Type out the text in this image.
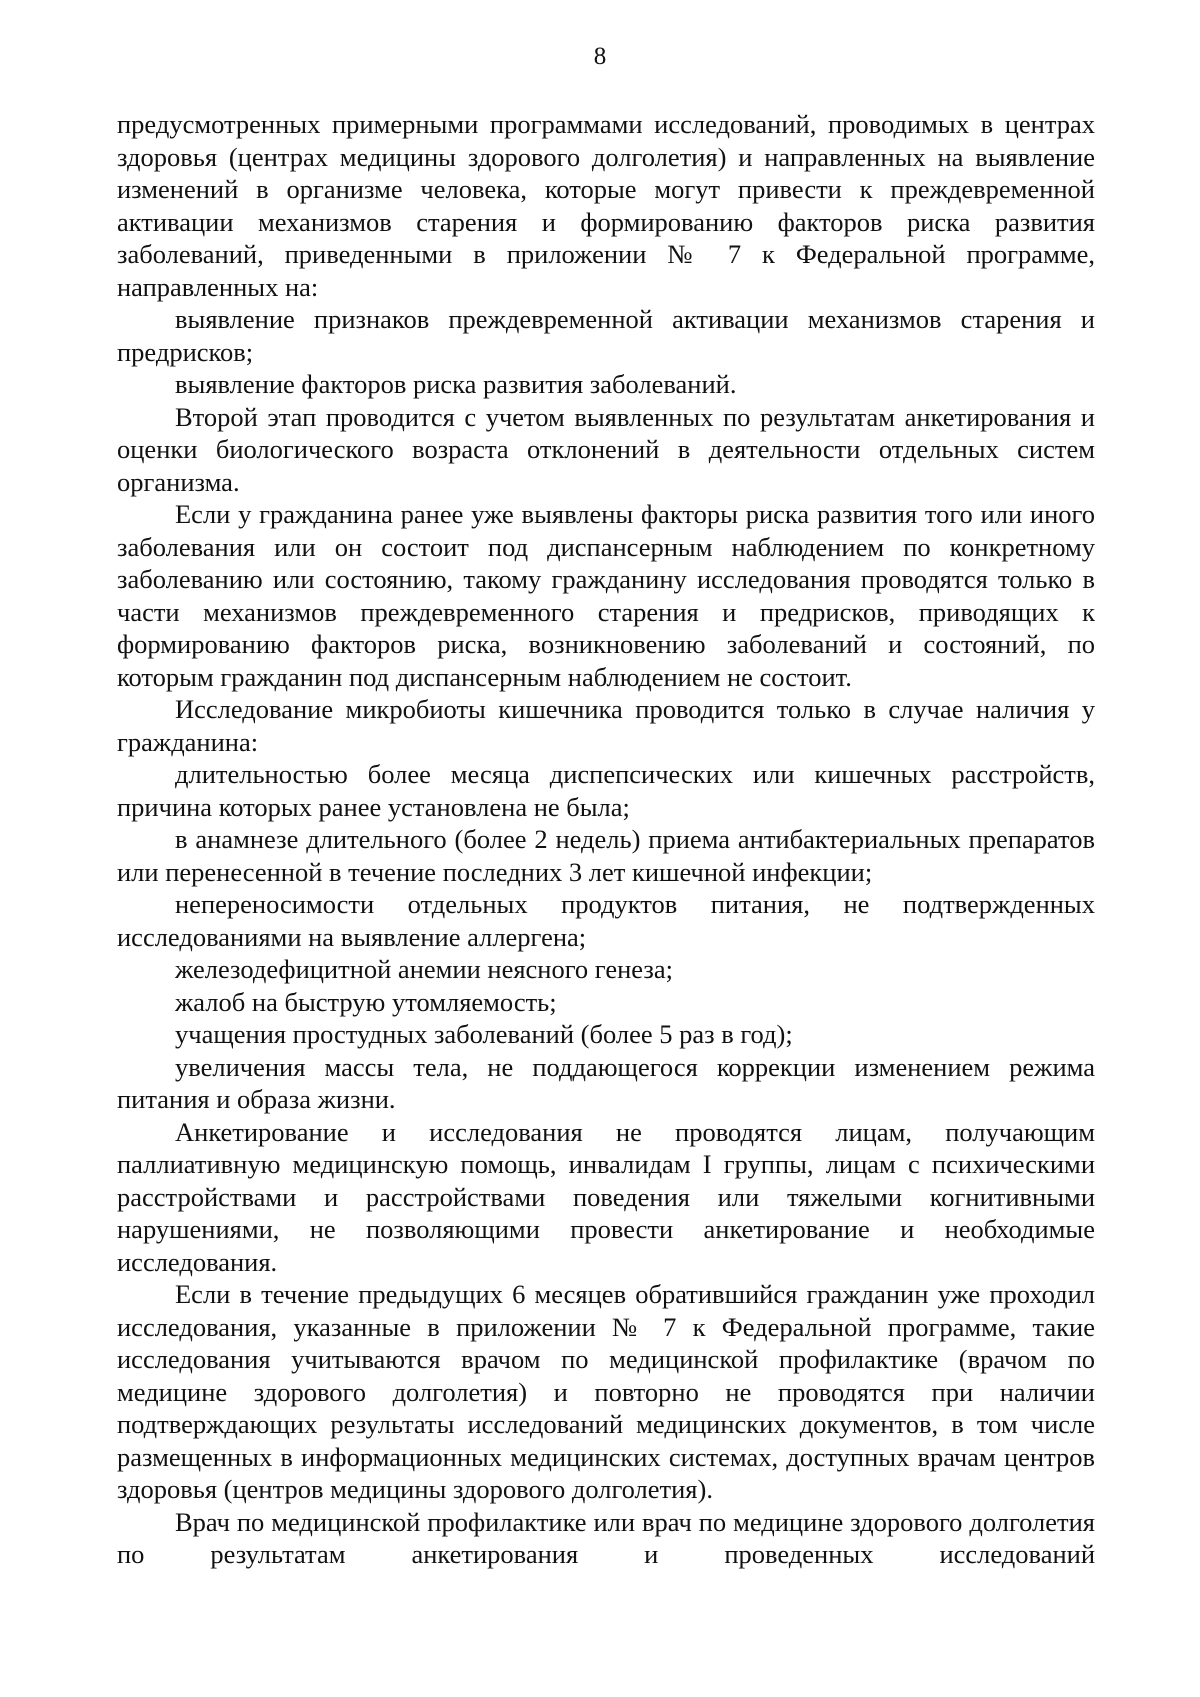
8

предусмотренных примерными программами исследований, проводимых в центрах здоровья (центрах медицины здорового долголетия) и направленных на выявление изменений в организме человека, которые могут привести к преждевременной активации механизмов старения и формированию факторов риска развития заболеваний, приведенными в приложении № 7 к Федеральной программе, направленных на:

выявление признаков преждевременной активации механизмов старения и предрисков;

выявление факторов риска развития заболеваний.

Второй этап проводится с учетом выявленных по результатам анкетирования и оценки биологического возраста отклонений в деятельности отдельных систем организма.

Если у гражданина ранее уже выявлены факторы риска развития того или иного заболевания или он состоит под диспансерным наблюдением по конкретному заболеванию или состоянию, такому гражданину исследования проводятся только в части механизмов преждевременного старения и предрисков, приводящих к формированию факторов риска, возникновению заболеваний и состояний, по которым гражданин под диспансерным наблюдением не состоит.

Исследование микробиоты кишечника проводится только в случае наличия у гражданина:

длительностью более месяца диспепсических или кишечных расстройств, причина которых ранее установлена не была;

в анамнезе длительного (более 2 недель) приема антибактериальных препаратов или перенесенной в течение последних 3 лет кишечной инфекции;

непереносимости отдельных продуктов питания, не подтвержденных исследованиями на выявление аллергена;

железодефицитной анемии неясного генеза;

жалоб на быструю утомляемость;

учащения простудных заболеваний (более 5 раз в год);

увеличения массы тела, не поддающегося коррекции изменением режима питания и образа жизни.

Анкетирование и исследования не проводятся лицам, получающим паллиативную медицинскую помощь, инвалидам I группы, лицам с психическими расстройствами и расстройствами поведения или тяжелыми когнитивными нарушениями, не позволяющими провести анкетирование и необходимые исследования.

Если в течение предыдущих 6 месяцев обратившийся гражданин уже проходил исследования, указанные в приложении № 7 к Федеральной программе, такие исследования учитываются врачом по медицинской профилактике (врачом по медицине здорового долголетия) и повторно не проводятся при наличии подтверждающих результаты исследований медицинских документов, в том числе размещенных в информационных медицинских системах, доступных врачам центров здоровья (центров медицины здорового долголетия).

Врач по медицинской профилактике или врач по медицине здорового долголетия по результатам анкетирования и проведенных исследований
